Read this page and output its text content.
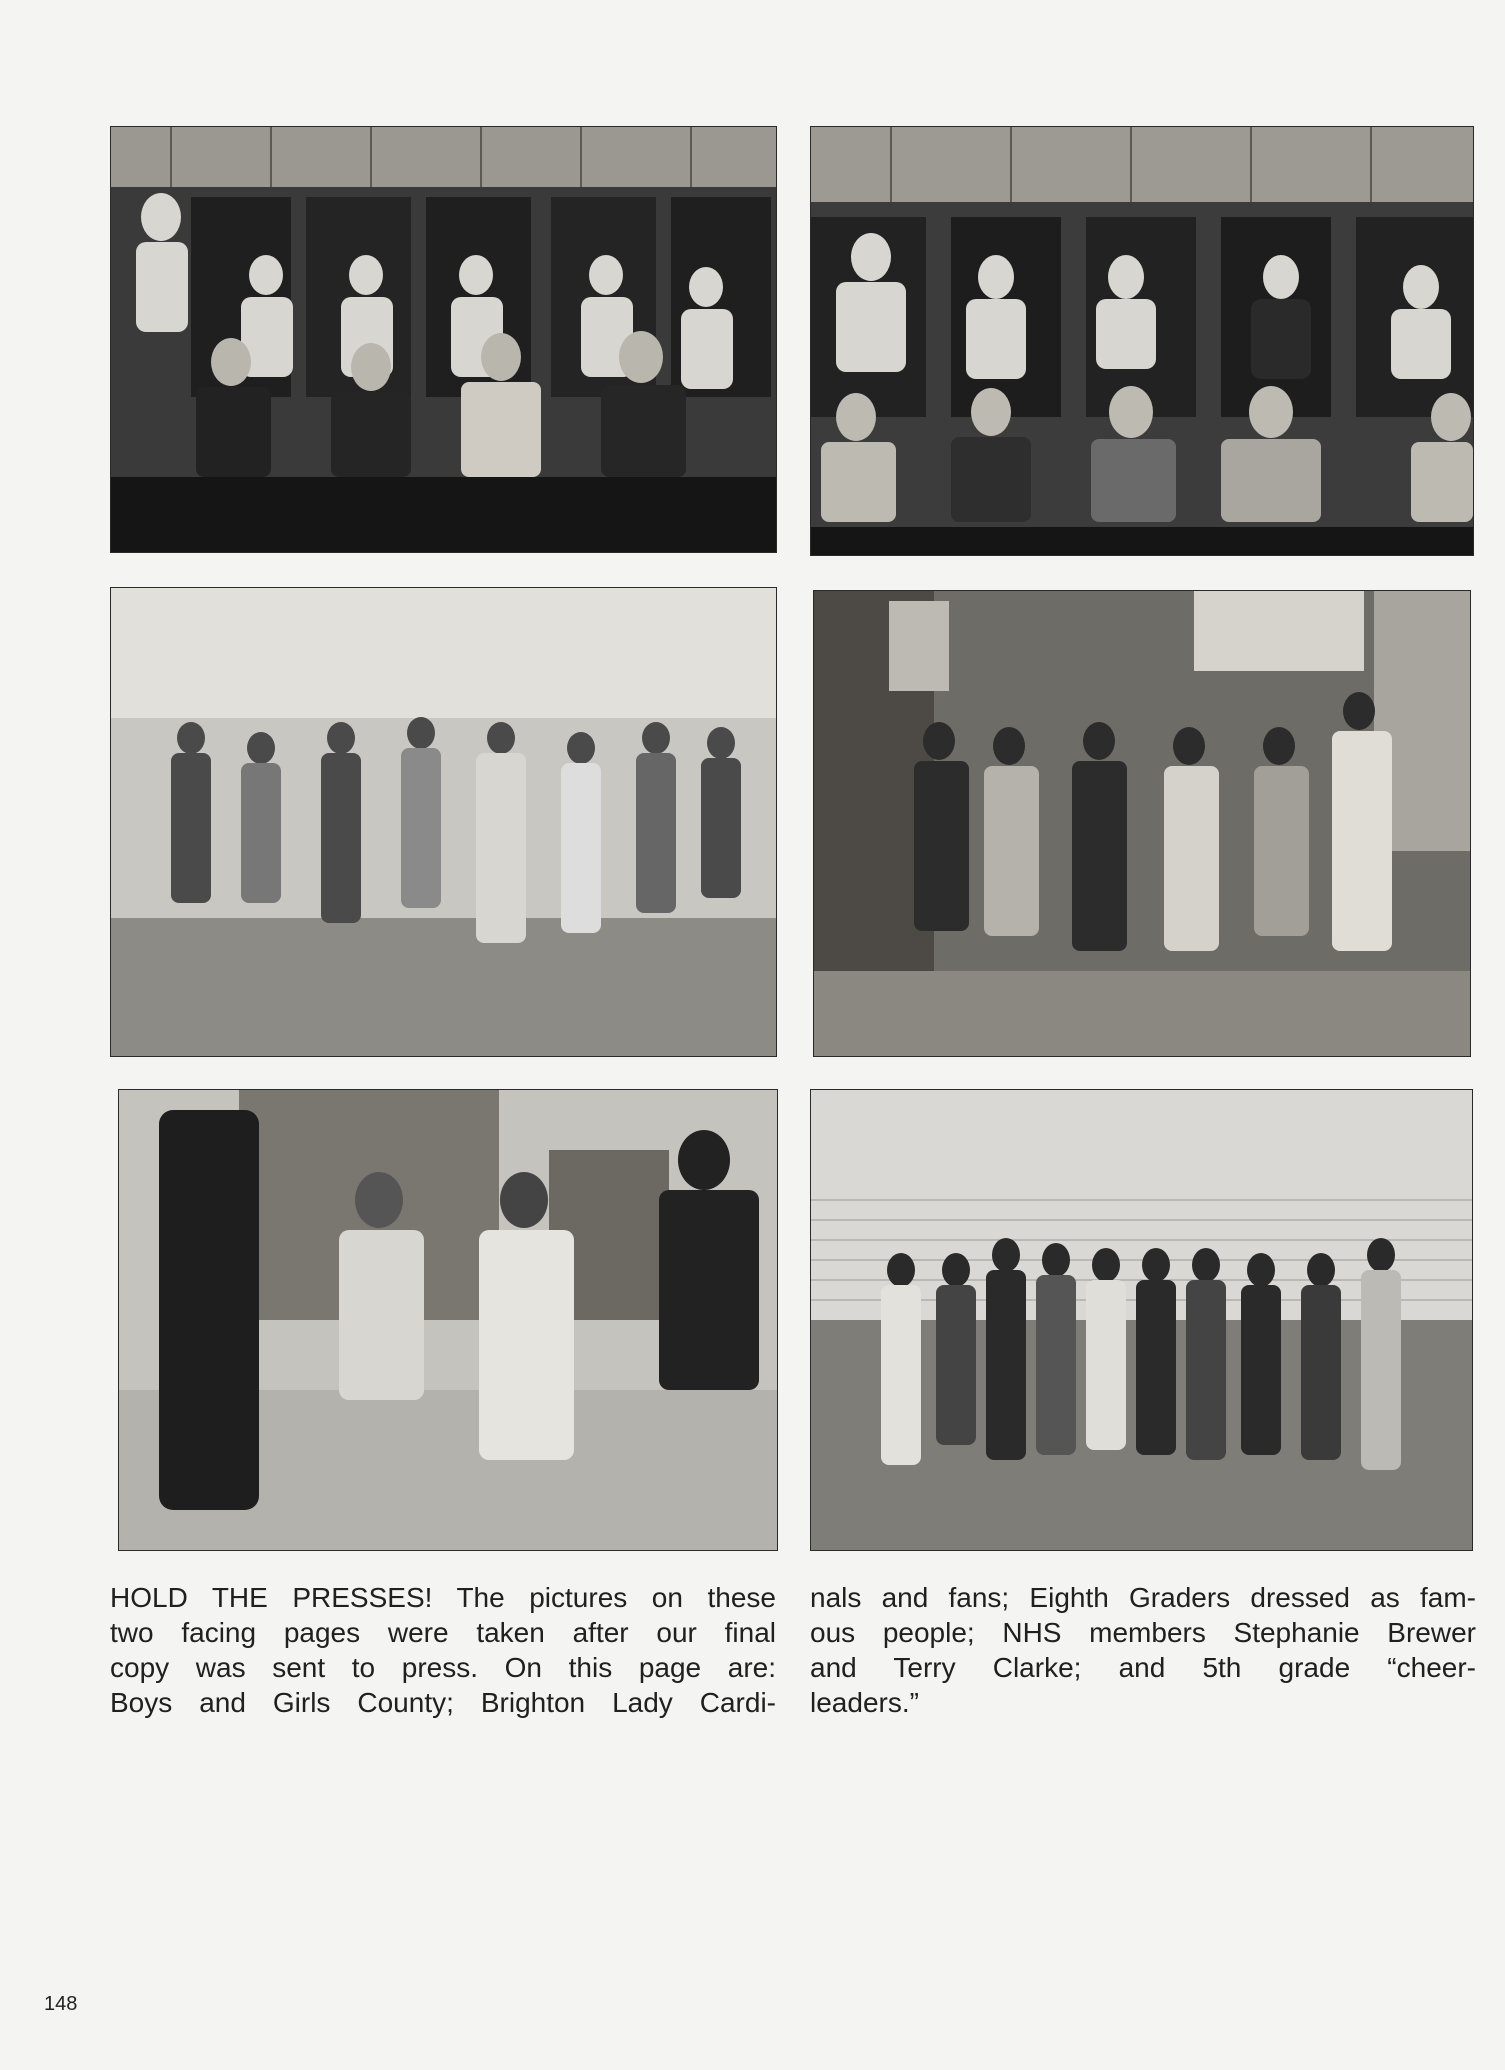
HOLD THE PRESSES! The pictures on these
two facing pages were taken after our final
copy was sent to press. On this page are:
Boys and Girls County; Brighton Lady Cardi-
nals and fans; Eighth Graders dressed as fam-
ous people; NHS members Stephanie Brewer
and Terry Clarke; and 5th grade “cheer-
leaders.”
148
